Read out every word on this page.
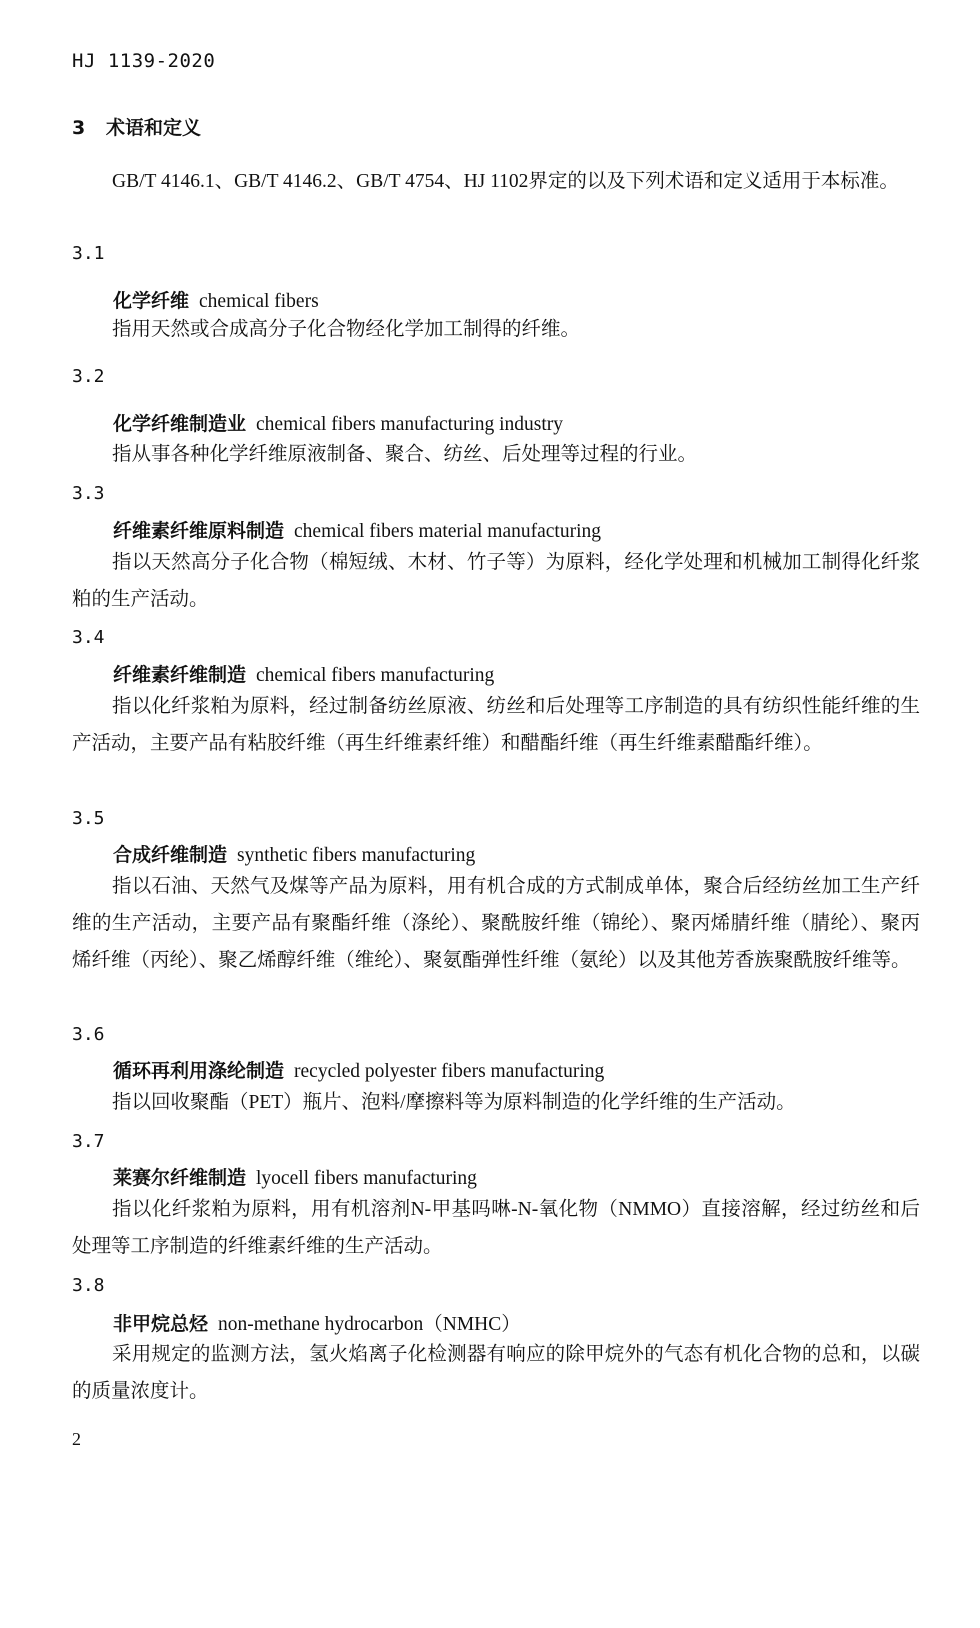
HJ 1139-2020
3 术语和定义
GB/T 4146.1、GB/T 4146.2、GB/T 4754、HJ 1102界定的以及下列术语和定义适用于本标准。
3.1
化学纤维 chemical fibers
指用天然或合成高分子化合物经化学加工制得的纤维。
3.2
化学纤维制造业 chemical fibers manufacturing industry
指从事各种化学纤维原液制备、聚合、纺丝、后处理等过程的行业。
3.3
纤维素纤维原料制造 chemical fibers material manufacturing
指以天然高分子化合物（棉短绒、木材、竹子等）为原料，经化学处理和机械加工制得化纤浆粕的生产活动。
3.4
纤维素纤维制造 chemical fibers manufacturing
指以化纤浆粕为原料，经过制备纺丝原液、纺丝和后处理等工序制造的具有纺织性能纤维的生产活动，主要产品有粘胶纤维（再生纤维素纤维）和醋酯纤维（再生纤维素醋酯纤维）。
3.5
合成纤维制造 synthetic fibers manufacturing
指以石油、天然气及煤等产品为原料，用有机合成的方式制成单体，聚合后经纺丝加工生产纤维的生产活动，主要产品有聚酯纤维（涤纶）、聚酰胺纤维（锦纶）、聚丙烯腈纤维（腈纶）、聚丙烯纤维（丙纶）、聚乙烯醇纤维（维纶）、聚氨酯弹性纤维（氨纶）以及其他芳香族聚酰胺纤维等。
3.6
循环再利用涤纶制造 recycled polyester fibers manufacturing
指以回收聚酯（PET）瓶片、泡料/摩擦料等为原料制造的化学纤维的生产活动。
3.7
莱赛尔纤维制造 lyocell fibers manufacturing
指以化纤浆粕为原料，用有机溶剂N-甲基吗啉-N-氧化物（NMMO）直接溶解，经过纺丝和后处理等工序制造的纤维素纤维的生产活动。
3.8
非甲烷总烃 non-methane hydrocarbon（NMHC）
采用规定的监测方法，氢火焰离子化检测器有响应的除甲烷外的气态有机化合物的总和，以碳的质量浓度计。
2
